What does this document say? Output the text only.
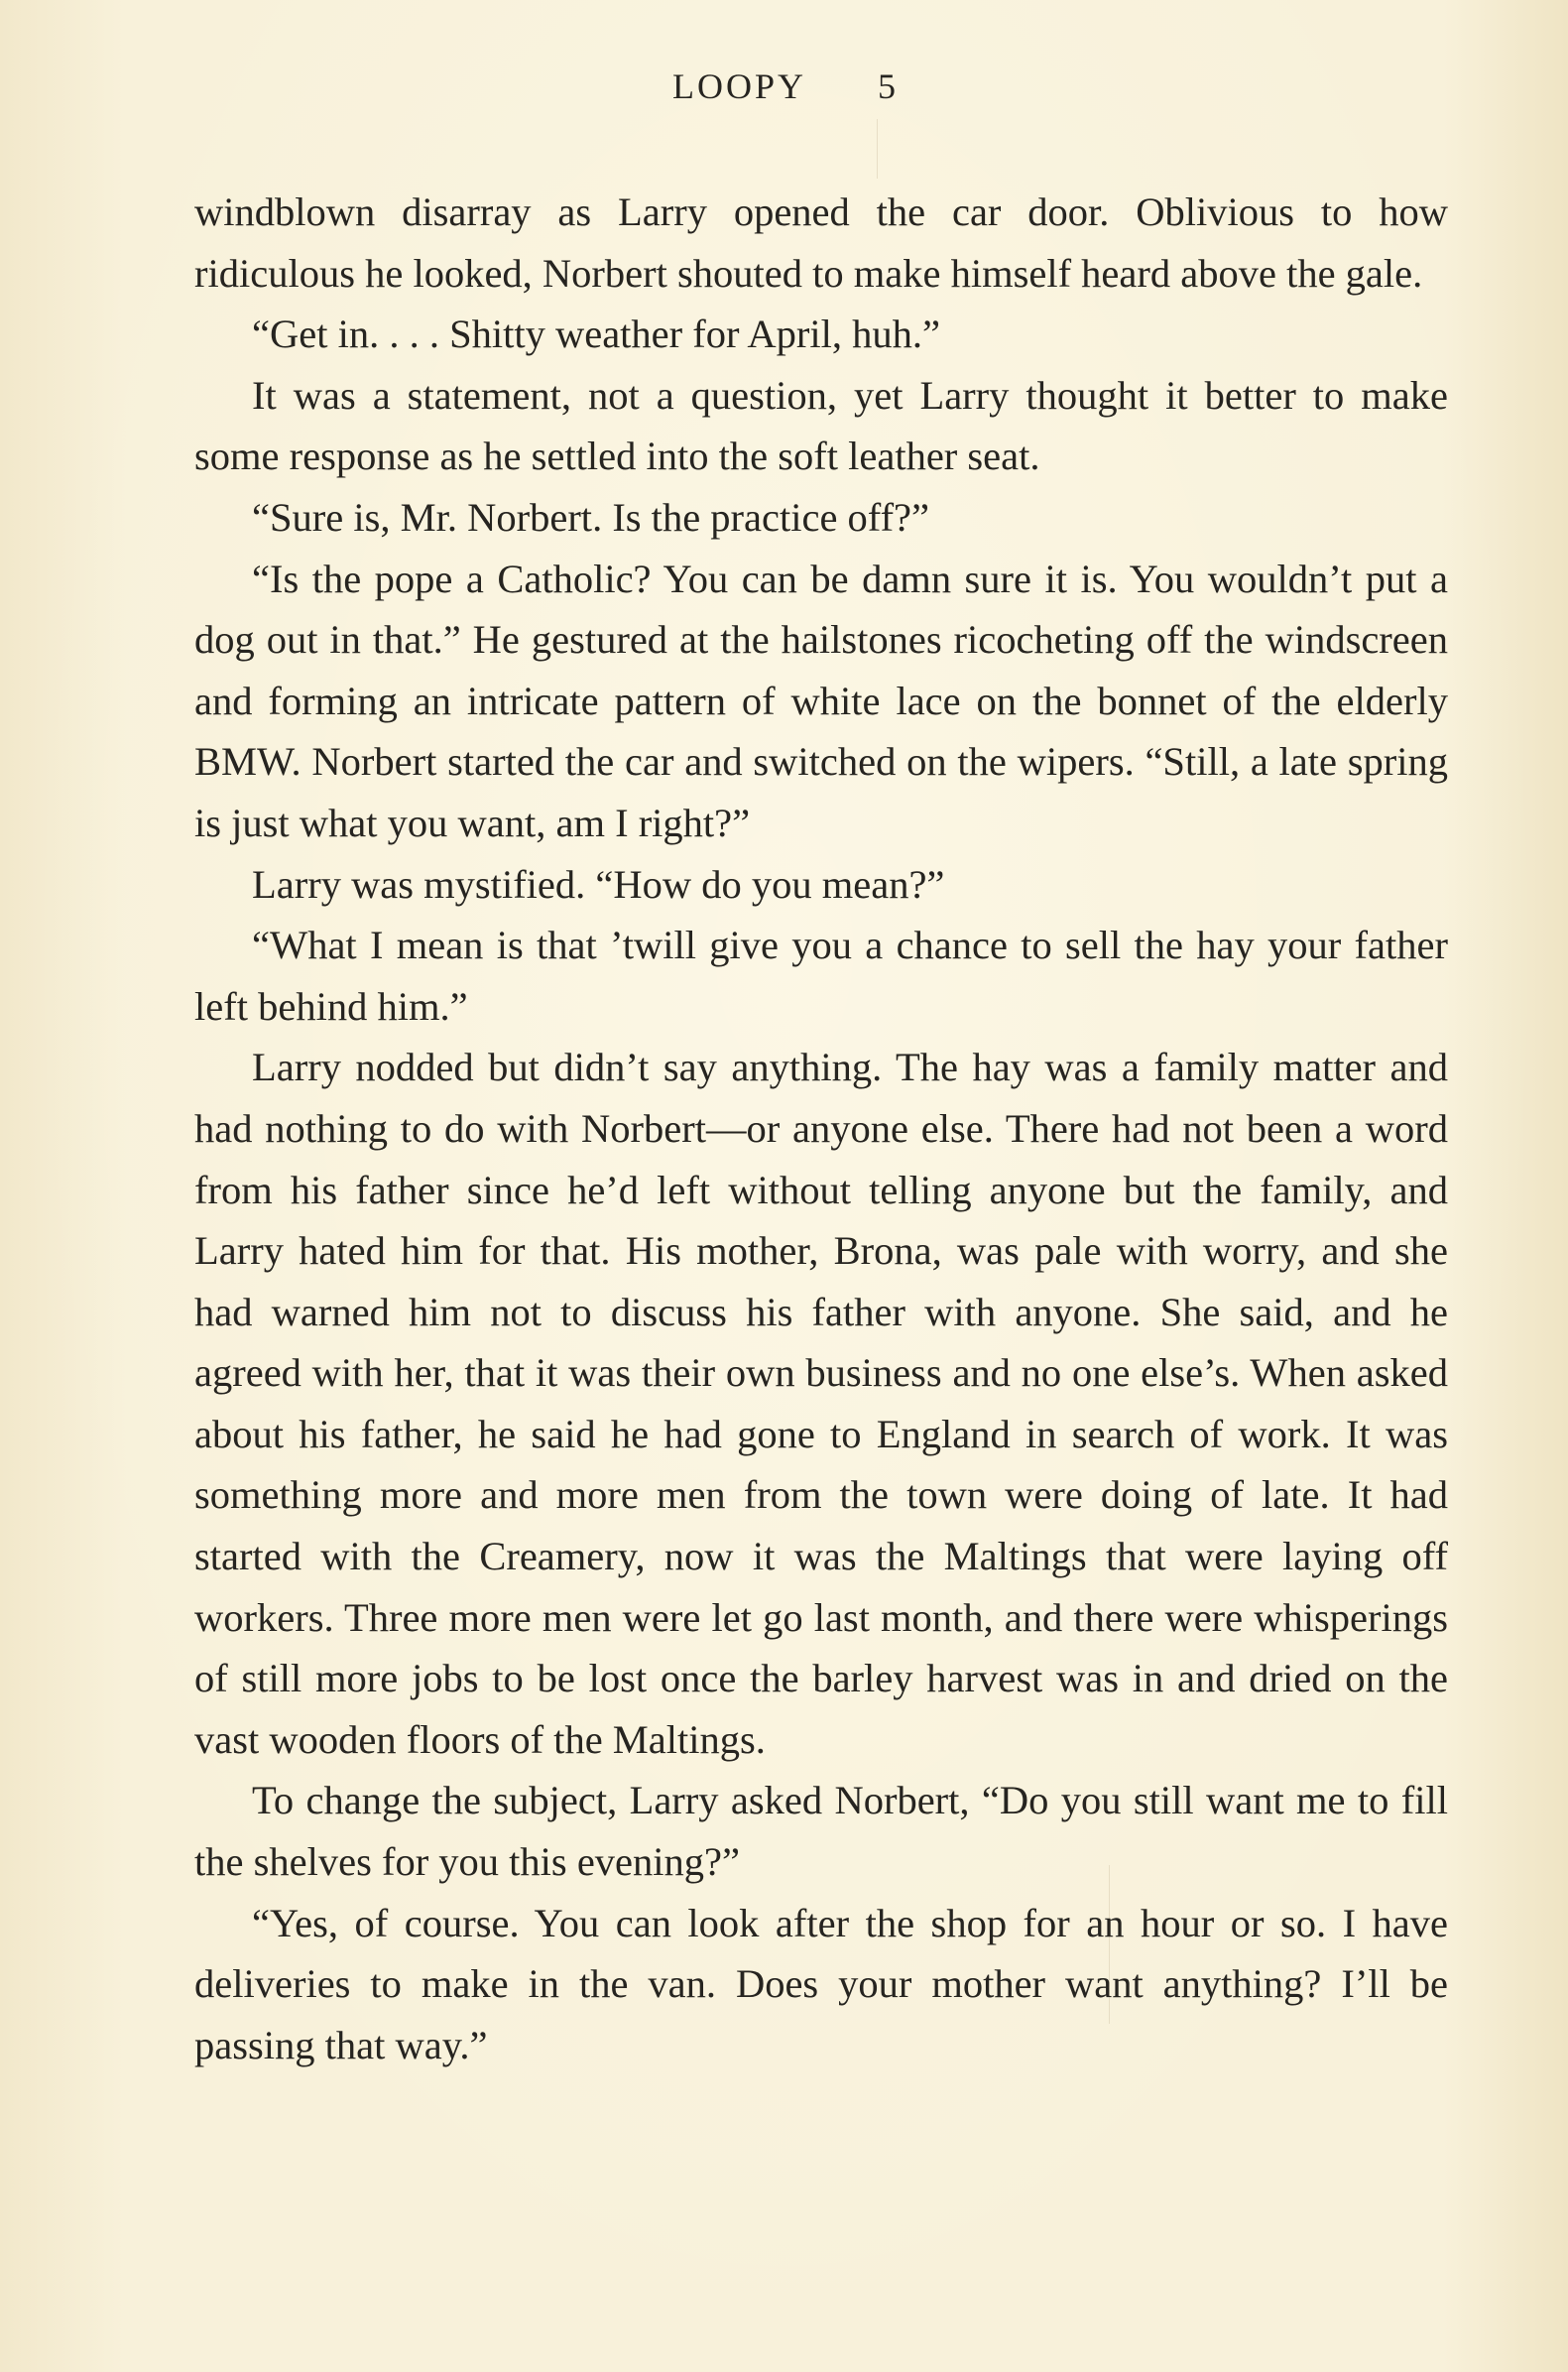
LOOPY 5

windblown disarray as Larry opened the car door. Oblivious to how ridiculous he looked, Norbert shouted to make himself heard above the gale.

“Get in. . . . Shitty weather for April, huh.”

It was a statement, not a question, yet Larry thought it better to make some response as he settled into the soft leather seat.

“Sure is, Mr. Norbert. Is the practice off?”

“Is the pope a Catholic? You can be damn sure it is. You wouldn’t put a dog out in that.” He gestured at the hailstones ricocheting off the windscreen and forming an intricate pattern of white lace on the bonnet of the elderly BMW. Norbert started the car and switched on the wipers. “Still, a late spring is just what you want, am I right?”

Larry was mystified. “How do you mean?”

“What I mean is that ’twill give you a chance to sell the hay your father left behind him.”

Larry nodded but didn’t say anything. The hay was a family matter and had nothing to do with Norbert—or anyone else. There had not been a word from his father since he’d left without telling anyone but the family, and Larry hated him for that. His mother, Brona, was pale with worry, and she had warned him not to discuss his father with anyone. She said, and he agreed with her, that it was their own business and no one else’s. When asked about his father, he said he had gone to England in search of work. It was something more and more men from the town were doing of late. It had started with the Creamery, now it was the Maltings that were laying off workers. Three more men were let go last month, and there were whisperings of still more jobs to be lost once the barley harvest was in and dried on the vast wooden floors of the Maltings.

To change the subject, Larry asked Norbert, “Do you still want me to fill the shelves for you this evening?”

“Yes, of course. You can look after the shop for an hour or so. I have deliveries to make in the van. Does your mother want anything? I’ll be passing that way.”
